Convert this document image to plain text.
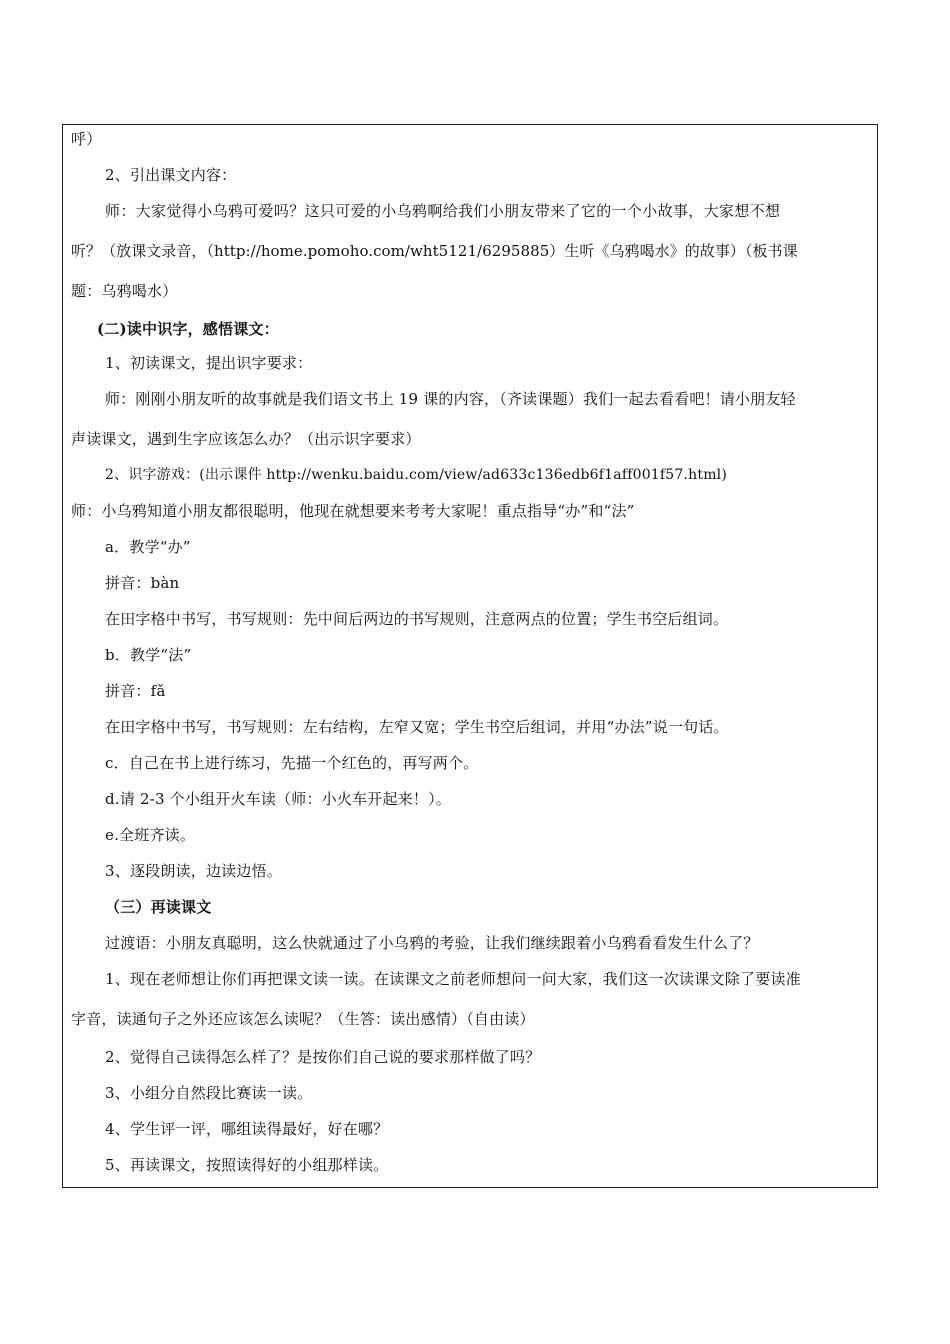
呼）
2、引出课文内容：
师：大家觉得小乌鸦可爱吗？这只可爱的小乌鸦啊给我们小朋友带来了它的一个小故事，大家想不想
听？（放课文录音，（http://home.pomoho.com/wht5121/6295885）生听《乌鸦喝水》的故事）（板书课
题：乌鸦喝水）
(二)读中识字，感悟课文：
1、初读课文，提出识字要求：
师：刚刚小朋友听的故事就是我们语文书上 19 课的内容，（齐读课题）我们一起去看看吧！请小朋友轻
声读课文，遇到生字应该怎么办？（出示识字要求）
2、识字游戏：(出示课件 http://wenku.baidu.com/view/ad633c136edb6f1aff001f57.html)
师：小乌鸦知道小朋友都很聪明，他现在就想要来考考大家呢！重点指导“办”和“法”
a．教学“办”
拼音：bàn
在田字格中书写，书写规则：先中间后两边的书写规则，注意两点的位置；学生书空后组词。
b．教学“法”
拼音：fǎ
在田字格中书写，书写规则：左右结构，左窄又宽；学生书空后组词，并用“办法”说一句话。
c．自己在书上进行练习，先描一个红色的，再写两个。
d.请 2-3 个小组开火车读（师：小火车开起来！）。
e.全班齐读。
3、逐段朗读，边读边悟。
（三）再读课文
过渡语：小朋友真聪明，这么快就通过了小乌鸦的考验，让我们继续跟着小乌鸦看看发生什么了？
1、现在老师想让你们再把课文读一读。在读课文之前老师想问一问大家，我们这一次读课文除了要读准
字音，读通句子之外还应该怎么读呢？（生答：读出感情）（自由读）
2、觉得自己读得怎么样了？是按你们自己说的要求那样做了吗？
3、小组分自然段比赛读一读。
4、学生评一评，哪组读得最好，好在哪？
5、再读课文，按照读得好的小组那样读。
